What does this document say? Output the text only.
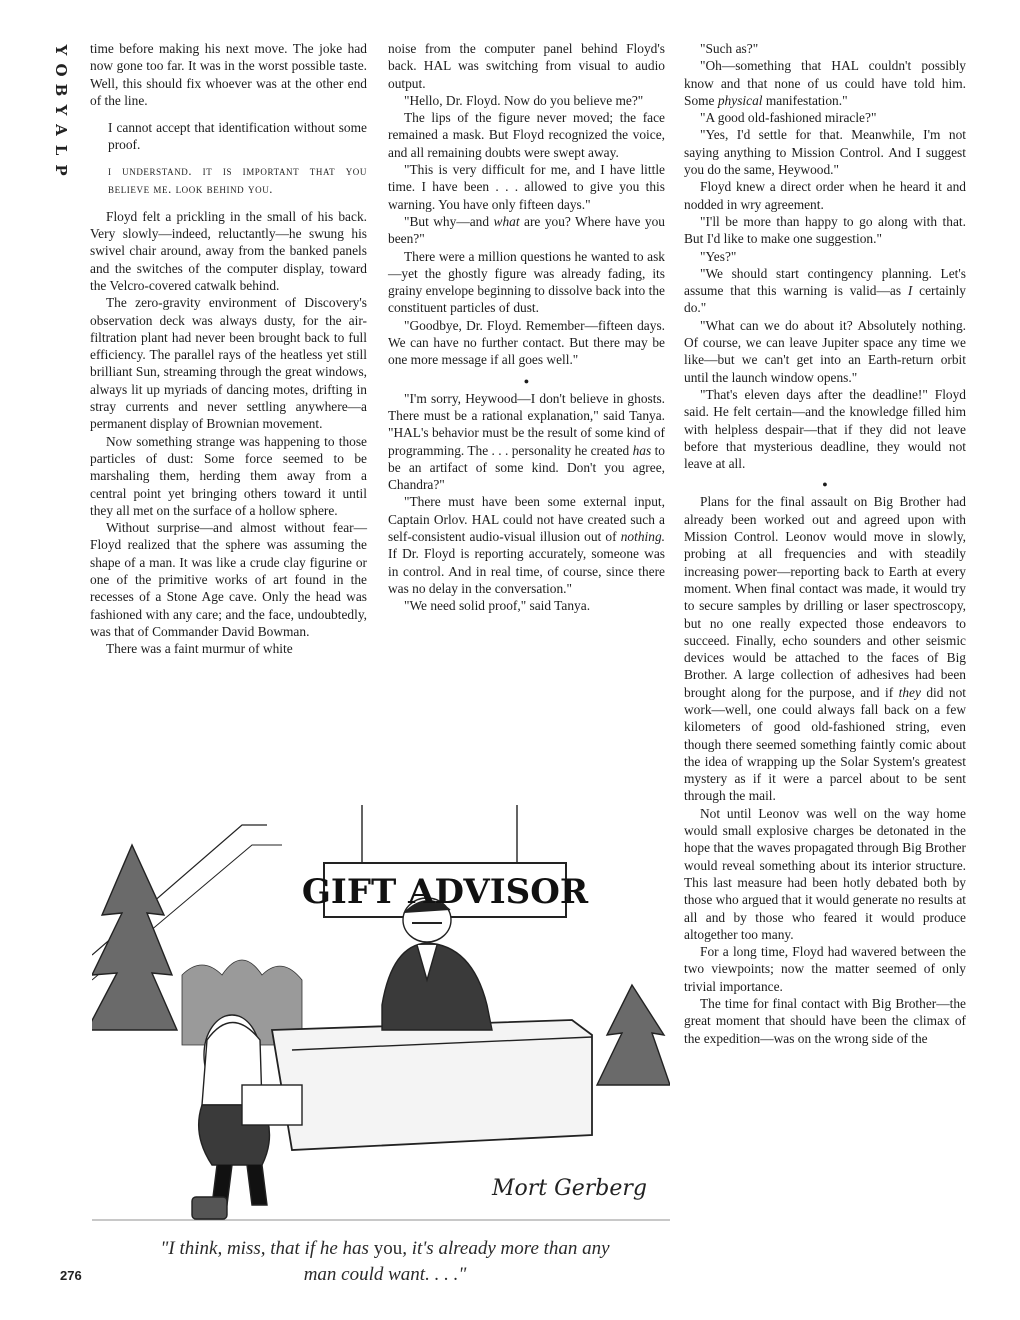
Y
O
B
Y
A
L
P

time before making his next move. The joke had now gone too far. It was in the worst possible taste. Well, this should fix whoever was at the other end of the line.

I cannot accept that identification without some proof.

i understand. it is important that you believe me. look behind you.

Floyd felt a prickling in the small of his back. Very slowly—indeed, reluctantly—he swung his swivel chair around, away from the banked panels and the switches of the computer display, toward the Velcro-covered catwalk behind.

The zero-gravity environment of Discovery's observation deck was always dusty, for the air-filtration plant had never been brought back to full efficiency. The parallel rays of the heatless yet still brilliant Sun, streaming through the great windows, always lit up myriads of dancing motes, drifting in stray currents and never settling anywhere—a permanent display of Brownian movement.

Now something strange was happening to those particles of dust: Some force seemed to be marshaling them, herding them away from a central point yet bringing others toward it until they all met on the surface of a hollow sphere.

Without surprise—and almost without fear—Floyd realized that the sphere was assuming the shape of a man. It was like a crude clay figurine or one of the primitive works of art found in the recesses of a Stone Age cave. Only the head was fashioned with any care; and the face, undoubtedly, was that of Commander David Bowman.

There was a faint murmur of white

noise from the computer panel behind Floyd's back. HAL was switching from visual to audio output.

"Hello, Dr. Floyd. Now do you believe me?"

The lips of the figure never moved; the face remained a mask. But Floyd recognized the voice, and all remaining doubts were swept away.

"This is very difficult for me, and I have little time. I have been . . . allowed to give you this warning. You have only fifteen days."

"But why—and what are you? Where have you been?"

There were a million questions he wanted to ask—yet the ghostly figure was already fading, its grainy envelope beginning to dissolve back into the constituent particles of dust.

"Goodbye, Dr. Floyd. Remember—fifteen days. We can have no further contact. But there may be one more message if all goes well."

●

"I'm sorry, Heywood—I don't believe in ghosts. There must be a rational explanation," said Tanya. "HAL's behavior must be the result of some kind of programming. The . . . personality he created has to be an artifact of some kind. Don't you agree, Chandra?"

"There must have been some external input, Captain Orlov. HAL could not have created such a self-consistent audio-visual illusion out of nothing. If Dr. Floyd is reporting accurately, someone was in control. And in real time, of course, since there was no delay in the conversation."

"We need solid proof," said Tanya.

"Such as?"

"Oh—something that HAL couldn't possibly know and that none of us could have told him. Some physical manifestation."

"A good old-fashioned miracle?"

"Yes, I'd settle for that. Meanwhile, I'm not saying anything to Mission Control. And I suggest you do the same, Heywood."

Floyd knew a direct order when he heard it and nodded in wry agreement.

"I'll be more than happy to go along with that. But I'd like to make one suggestion."

"Yes?"

"We should start contingency planning. Let's assume that this warning is valid—as I certainly do."

"What can we do about it? Absolutely nothing. Of course, we can leave Jupiter space any time we like—but we can't get into an Earth-return orbit until the launch window opens."

"That's eleven days after the deadline!" Floyd said. He felt certain—and the knowledge filled him with helpless despair—that if they did not leave before that mysterious deadline, they would not leave at all.

●

Plans for the final assault on Big Brother had already been worked out and agreed upon with Mission Control. Leonov would move in slowly, probing at all frequencies and with steadily increasing power—reporting back to Earth at every moment. When final contact was made, it would try to secure samples by drilling or laser spectroscopy, but no one really expected those endeavors to succeed. Finally, echo sounders and other seismic devices would be attached to the faces of Big Brother. A large collection of adhesives had been brought along for the purpose, and if they did not work—well, one could always fall back on a few kilometers of good old-fashioned string, even though there seemed something faintly comic about the idea of wrapping up the Solar System's greatest mystery as if it were a parcel about to be sent through the mail.

Not until Leonov was well on the way home would small explosive charges be detonated in the hope that the waves propagated through Big Brother would reveal something about its interior structure. This last measure had been hotly debated both by those who argued that it would generate no results at all and by those who feared it would produce altogether too many.

For a long time, Floyd had wavered between the two viewpoints; now the matter seemed of only trivial importance.

The time for final contact with Big Brother—the great moment that should have been the climax of the expedition—was on the wrong side of the

GIFT ADVISOR
Mort Gerberg
"I think, miss, that if he has you, it's already more than any man could want. . . ."
276
